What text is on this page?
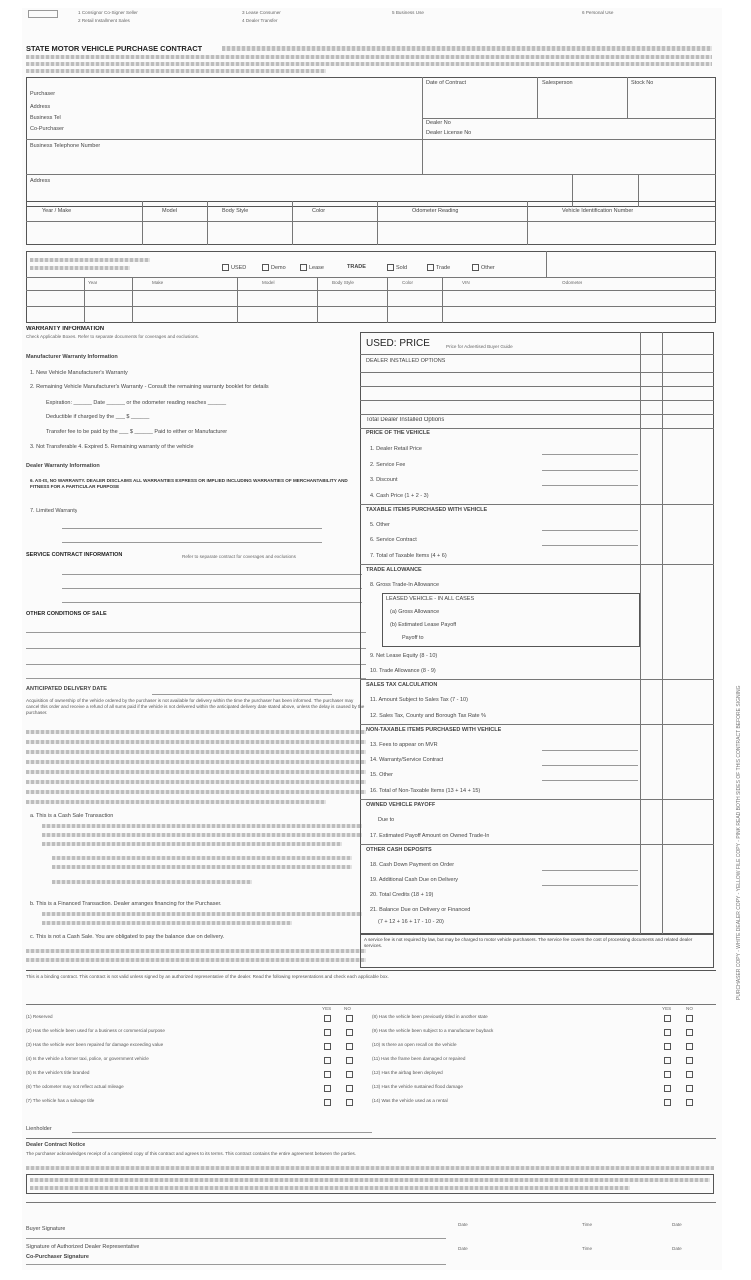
1 Consignor Co-Signer Seller
2 Retail Installment Sales
3 Lease Consumer
4 Dealer Transfer
5 Business Use	6 Personal Use
STATE MOTOR VEHICLE PURCHASE CONTRACT
Purchaser
Address
Business Tel
Co-Purchaser
Business Telephone Number
Address
Date of Contract	Salesperson	Stock No
Dealer No
Dealer License No
Year / Make	Model	Body Style	Color	Odometer Reading	Vehicle Identification Number
USED	Demo	Lease	TRADE	Sold	Trade	Other
Year	Make	Model	Body Style	Color	VIN	Odometer
WARRANTY INFORMATION
Check Applicable Boxes. Refer to separate documents for coverages and exclusions.
Manufacturer Warranty Information
1. New Vehicle Manufacturer's Warranty
2. Remaining Vehicle Manufacturer's Warranty - Consult the remaining warranty booklet for details
Expiration: ______ Date ______ or the odometer reading reaches ______
Deductible if charged by the ___ $ ______
Transfer fee to be paid by the ___ $ ______ Paid to either or Manufacturer
3. Not Transferable 4. Expired 5. Remaining warranty of the vehicle
Dealer Warranty Information
6. AS-IS, NO WARRANTY. DEALER DISCLAIMS ALL WARRANTIES EXPRESS OR IMPLIED INCLUDING WARRANTIES OF MERCHANTABILITY AND FITNESS FOR A PARTICULAR PURPOSE
7. Limited Warranty
SERVICE CONTRACT INFORMATION	Refer to separate contract for coverages and exclusions
OTHER CONDITIONS OF SALE
ANTICIPATED DELIVERY DATE
Acquisition of ownership of the vehicle ordered by the purchaser is not available for delivery within the time the purchaser has been informed. The purchaser may cancel this order and receive a refund of all sums paid if the vehicle is not delivered within the anticipated delivery date stated above, unless the delay is caused by the purchaser.
a. This is a Cash Sale Transaction
b. This is a Financed Transaction. Dealer arranges financing for the Purchaser.
c. This is not a Cash Sale. You are obligated to pay the balance due on delivery.
USED: PRICE	Price for Advertised Buyer Guide
DEALER INSTALLED OPTIONS
Total Dealer Installed Options
PRICE OF THE VEHICLE
1. Dealer Retail Price
2. Service Fee
3. Discount
4. Cash Price (1 + 2 - 3)
TAXABLE ITEMS PURCHASED WITH VEHICLE
5. Other
6. Service Contract
7. Total of Taxable Items (4 + 6)
TRADE ALLOWANCE
8. Gross Trade-In Allowance
LEASED VEHICLE - IN ALL CASES
(a) Gross Allowance
(b) Estimated Lease Payoff
Payoff to
9. Net Lease Equity (8 - 10)
10. Trade Allowance (8 - 9)
SALES TAX CALCULATION
11. Amount Subject to Sales Tax (7 - 10)
12. Sales Tax, County and Borough Tax Rate %
NON-TAXABLE ITEMS PURCHASED WITH VEHICLE
13. Fees to appear on MVR
14. Warranty/Service Contract
15. Other
16. Total of Non-Taxable Items (13 + 14 + 15)
OWNED VEHICLE PAYOFF
Due to
17. Estimated Payoff Amount on Owned Trade-In
OTHER CASH DEPOSITS
18. Cash Down Payment on Order
19. Additional Cash Due on Delivery
20. Total Credits (18 + 19)
21. Balance Due on Delivery or Financed
(7 + 12 + 16 + 17 - 10 - 20)
A service fee is not required by law, but may be charged to motor vehicle purchasers. The service fee covers the cost of processing documents and related dealer services.
This is a binding contract. This contract is not valid unless signed by an authorized representative of the dealer. Read the following representations and check each applicable box.
YES	NO	YES	NO
(1) Reserved
(2) Has the vehicle been used for a business or commercial purpose
(3) Has the vehicle ever been repaired for damage exceeding value
(4) Is the vehicle a former taxi, police, or government vehicle
(5) Is the vehicle's title branded
(6) The odometer may not reflect actual mileage
(7) The vehicle has a salvage title
(8) Has the vehicle been previously titled in another state
(9) Has the vehicle been subject to a manufacturer buyback
(10) Is there an open recall on the vehicle
(11) Has the frame been damaged or repaired
(12) Has the airbag been deployed
(13) Has the vehicle sustained flood damage
(14) Was the vehicle used as a rental
Lienholder
Dealer Contract Notice
The purchaser acknowledges receipt of a completed copy of this contract and agrees to its terms. This contract contains the entire agreement between the parties.
Buyer Signature
Date	Time	Date
Signature of Authorized Dealer Representative
Co-Purchaser Signature
Date	Time	Date
PURCHASER COPY - WHITE DEALER COPY - YELLOW FILE COPY - PINK READ BOTH SIDES OF THIS CONTRACT BEFORE SIGNING
